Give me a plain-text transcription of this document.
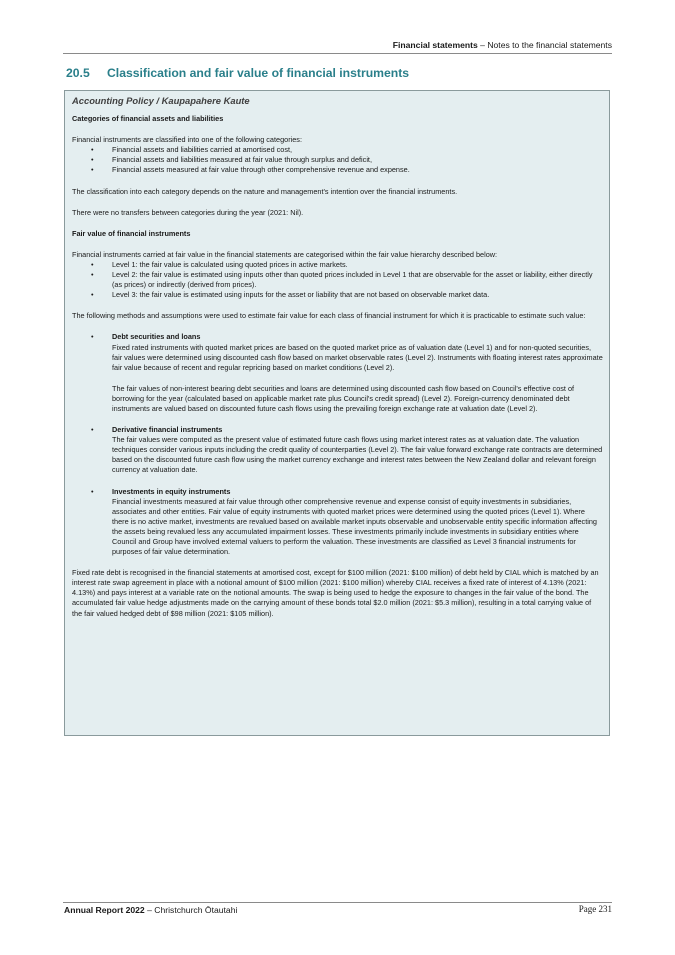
Financial statements – Notes to the financial statements
20.5 Classification and fair value of financial instruments
Accounting Policy / Kaupapahere Kaute
Categories of financial assets and liabilities

Financial instruments are classified into one of the following categories:

• Financial assets and liabilities carried at amortised cost,
• Financial assets and liabilities measured at fair value through surplus and deficit,
• Financial assets measured at fair value through other comprehensive revenue and expense.

The classification into each category depends on the nature and management's intention over the financial instruments.

There were no transfers between categories during the year (2021: Nil).

Fair value of financial instruments

Financial instruments carried at fair value in the financial statements are categorised within the fair value hierarchy described below:

• Level 1: the fair value is calculated using quoted prices in active markets.
• Level 2: the fair value is estimated using inputs other than quoted prices included in Level 1 that are observable for the asset or liability, either directly (as prices) or indirectly (derived from prices).
• Level 3: the fair value is estimated using inputs for the asset or liability that are not based on observable market data.

The following methods and assumptions were used to estimate fair value for each class of financial instrument for which it is practicable to estimate such value:

• Debt securities and loans
Fixed rated instruments with quoted market prices are based on the quoted market price as of valuation date (Level 1) and for non-quoted securities, fair values were determined using discounted cash flow based on market observable rates (Level 2). Instruments with floating interest rates approximate fair value because of recent and regular repricing based on market conditions (Level 2).
The fair values of non-interest bearing debt securities and loans are determined using discounted cash flow based on Council's effective cost of borrowing for the year (calculated based on applicable market rate plus Council's credit spread) (Level 2). Foreign-currency denominated debt instruments are valued based on discounted future cash flows using the prevailing foreign exchange rate at valuation date (Level 2).
• Derivative financial instruments
The fair values were computed as the present value of estimated future cash flows using market interest rates as at valuation date. The valuation techniques consider various inputs including the credit quality of counterparties (Level 2). The fair value forward exchange rate contracts are determined based on the discounted future cash flow using the market currency exchange and interest rates between the New Zealand dollar and relevant foreign currency at valuation date.
• Investments in equity instruments
Financial investments measured at fair value through other comprehensive revenue and expense consist of equity investments in subsidiaries, associates and other entities. Fair value of equity instruments with quoted market prices were determined using the quoted prices (Level 1). Where there is no active market, investments are revalued based on available market inputs observable and unobservable entity specific information affecting the assets being revalued less any accumulated impairment losses. These investments primarily include investments in subsidiary entities where Council and Group have involved external valuers to perform the valuation. These investments are classified as Level 3 financial instruments for purposes of fair value determination.

Fixed rate debt is recognised in the financial statements at amortised cost, except for $100 million (2021: $100 million) of debt held by CIAL which is matched by an interest rate swap agreement in place with a notional amount of $100 million (2021: $100 million) whereby CIAL receives a fixed rate of interest of 4.13% (2021: 4.13%) and pays interest at a variable rate on the notional amounts. The swap is being used to hedge the exposure to changes in the fair value of the bond. The accumulated fair value hedge adjustments made on the carrying amount of these bonds total $2.0 million (2021: $5.3 million), resulting in a total carrying value of the fair valued hedged debt of $98 million (2021: $105 million).

Annual Report 2022 – Christchurch Ōtautahi	Page 231
